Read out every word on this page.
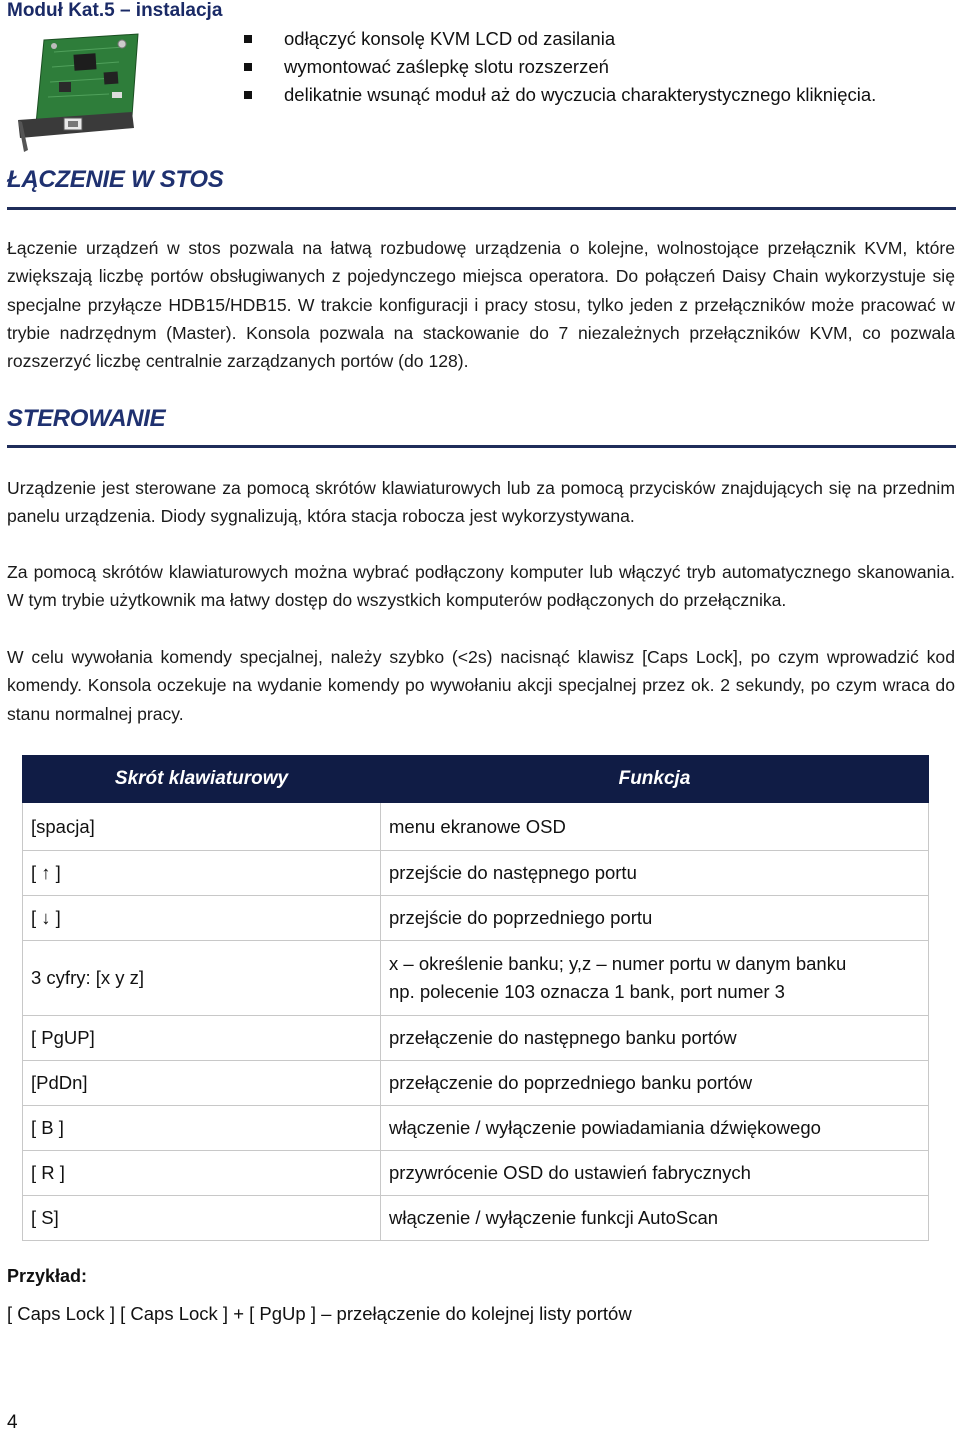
Moduł Kat.5 – instalacja
odłączyć konsolę KVM LCD od zasilania
wymontować zaślepkę slotu rozszerzeń
delikatnie wsunąć moduł aż do wyczucia charakterystycznego kliknięcia.
ŁĄCZENIE W STOS
Łączenie urządzeń w stos pozwala na łatwą rozbudowę urządzenia o kolejne, wolnostojące przełącznik KVM, które zwiększają liczbę portów obsługiwanych z pojedynczego miejsca operatora. Do połączeń Daisy Chain wykorzystuje się specjalne przyłącze HDB15/HDB15. W trakcie konfiguracji i pracy stosu, tylko jeden z przełączników może pracować w trybie nadrzędnym (Master). Konsola pozwala na stackowanie do 7 niezależnych przełączników KVM, co pozwala rozszerzyć liczbę centralnie zarządzanych portów (do 128).
STEROWANIE
Urządzenie jest sterowane za pomocą skrótów klawiaturowych lub za pomocą przycisków znajdujących się na przednim panelu urządzenia. Diody sygnalizują, która stacja robocza jest wykorzystywana.
Za pomocą skrótów klawiaturowych można wybrać podłączony komputer lub włączyć tryb automatycznego skanowania. W tym trybie użytkownik ma łatwy dostęp do wszystkich komputerów podłączonych do przełącznika.
W celu wywołania komendy specjalnej, należy szybko (<2s) nacisnąć klawisz [Caps Lock], po czym wprowadzić kod komendy. Konsola oczekuje na wydanie komendy po wywołaniu akcji specjalnej przez ok. 2 sekundy, po czym wraca do stanu normalnej pracy.
Skrót klawiaturowy	Funkcja
[spacja]	menu ekranowe OSD
[ ↑ ]	przejście do następnego portu
[ ↓ ]	przejście do poprzedniego portu
3 cyfry: [x y z]	x – określenie banku; y,z – numer portu w danym banku
np. polecenie 103 oznacza 1 bank, port numer 3

[ PgUP]	przełączenie do następnego banku portów
[PdDn]	przełączenie do poprzedniego banku portów
[ B ]	włączenie / wyłączenie powiadamiania dźwiękowego
[ R ]	przywrócenie OSD do ustawień fabrycznych
[ S]	włączenie / wyłączenie funkcji AutoScan
Przykład:
[ Caps Lock ] [ Caps Lock ] + [ PgUp ] – przełączenie do kolejnej listy portów
4
